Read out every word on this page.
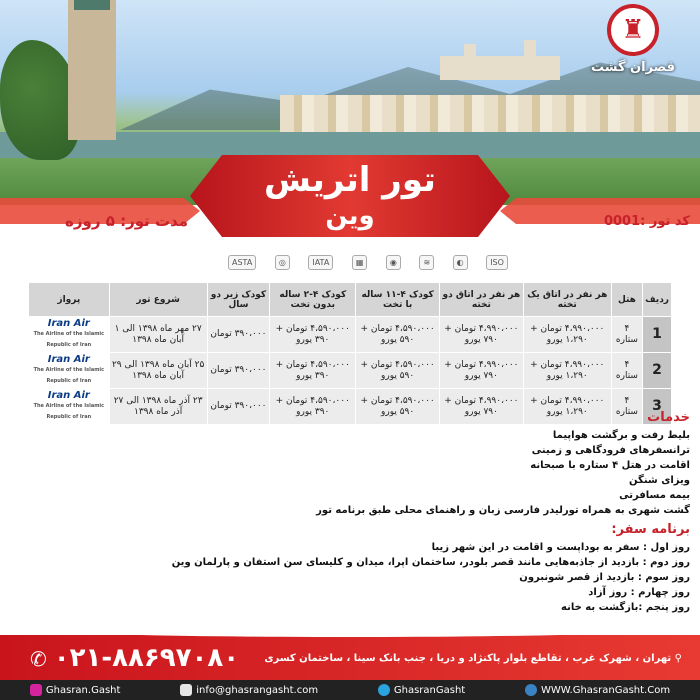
♜
قصران گشت
تور اتریش
وین	کد تور :0001
مدت تور: ۵ روزه
ASTA	◎	IATA	▦	◉	≋	◐	ISO
ردیف	هتل	هر نفر در اتاق یک تخته	هر نفر در اتاق دو تخته	کودک ۴-۱۱ ساله با تخت	کودک ۴-۲ ساله بدون تخت	کودک زیر دو سال	شروع تور	پرواز
1	۴ ستاره	۴،۹۹۰،۰۰۰ تومان + ۱،۲۹۰ یورو	۴،۹۹۰،۰۰۰ تومان + ۷۹۰ یورو	۴،۵۹۰،۰۰۰ تومان + ۵۹۰ یورو	۴،۵۹۰،۰۰۰ تومان + ۳۹۰ یورو	۳۹۰،۰۰۰ تومان	۲۷ مهر ماه ۱۳۹۸ الی ۱ آبان ماه ۱۳۹۸	Iran Air
The Airline of the Islamic Republic of Iran

2	۴ ستاره	۴،۹۹۰،۰۰۰ تومان + ۱،۲۹۰ یورو	۴،۹۹۰،۰۰۰ تومان + ۷۹۰ یورو	۴،۵۹۰،۰۰۰ تومان + ۵۹۰ یورو	۴،۵۹۰،۰۰۰ تومان + ۳۹۰ یورو	۳۹۰،۰۰۰ تومان	۲۵ آبان ماه ۱۳۹۸ الی ۲۹ آبان ماه ۱۳۹۸	Iran Air
The Airline of the Islamic Republic of Iran

3	۴ ستاره	۴،۹۹۰،۰۰۰ تومان + ۱،۲۹۰ یورو	۴،۹۹۰،۰۰۰ تومان + ۷۹۰ یورو	۴،۵۹۰،۰۰۰ تومان + ۵۹۰ یورو	۴،۵۹۰،۰۰۰ تومان + ۳۹۰ یورو	۳۹۰،۰۰۰ تومان	۲۳ آذر ماه ۱۳۹۸ الی ۲۷ آذر ماه ۱۳۹۸	Iran Air
The Airline of the Islamic Republic of Iran	خدمات
بلیط رفت و برگشت هواپیما
ترانسفرهای فرودگاهی و زمینی
اقامت در هتل ۴ ستاره با صبحانه
ویزای شنگن
بیمه مسافرتی
گشت شهری به همراه تورلیدر فارسی زبان و راهنمای محلی طبق برنامه تور
برنامه سفر:
روز اول : سفر به بوداپست و اقامت در این شهر زیبا
روز دوم : بازدید از جاذبه‌هایی مانند قصر بلودر، ساختمان اپرا، میدان و کلیسای سن استفان و پارلمان وین
روز سوم : بازدید از قصر شونبرون
روز چهارم : روز آزاد
روز پنجم :بازگشت به خانه
✆ ۰۲۱-۸۸۶۹۷۰۸۰	⚲ تهران ، شهرک غرب ، تقاطع بلوار پاکنژاد و دریا ، جنب بانک سینا ، ساختمان کسری
Ghasran.Gasht	info@ghasrangasht.com	GhasranGasht	WWW.GhasranGasht.Com
